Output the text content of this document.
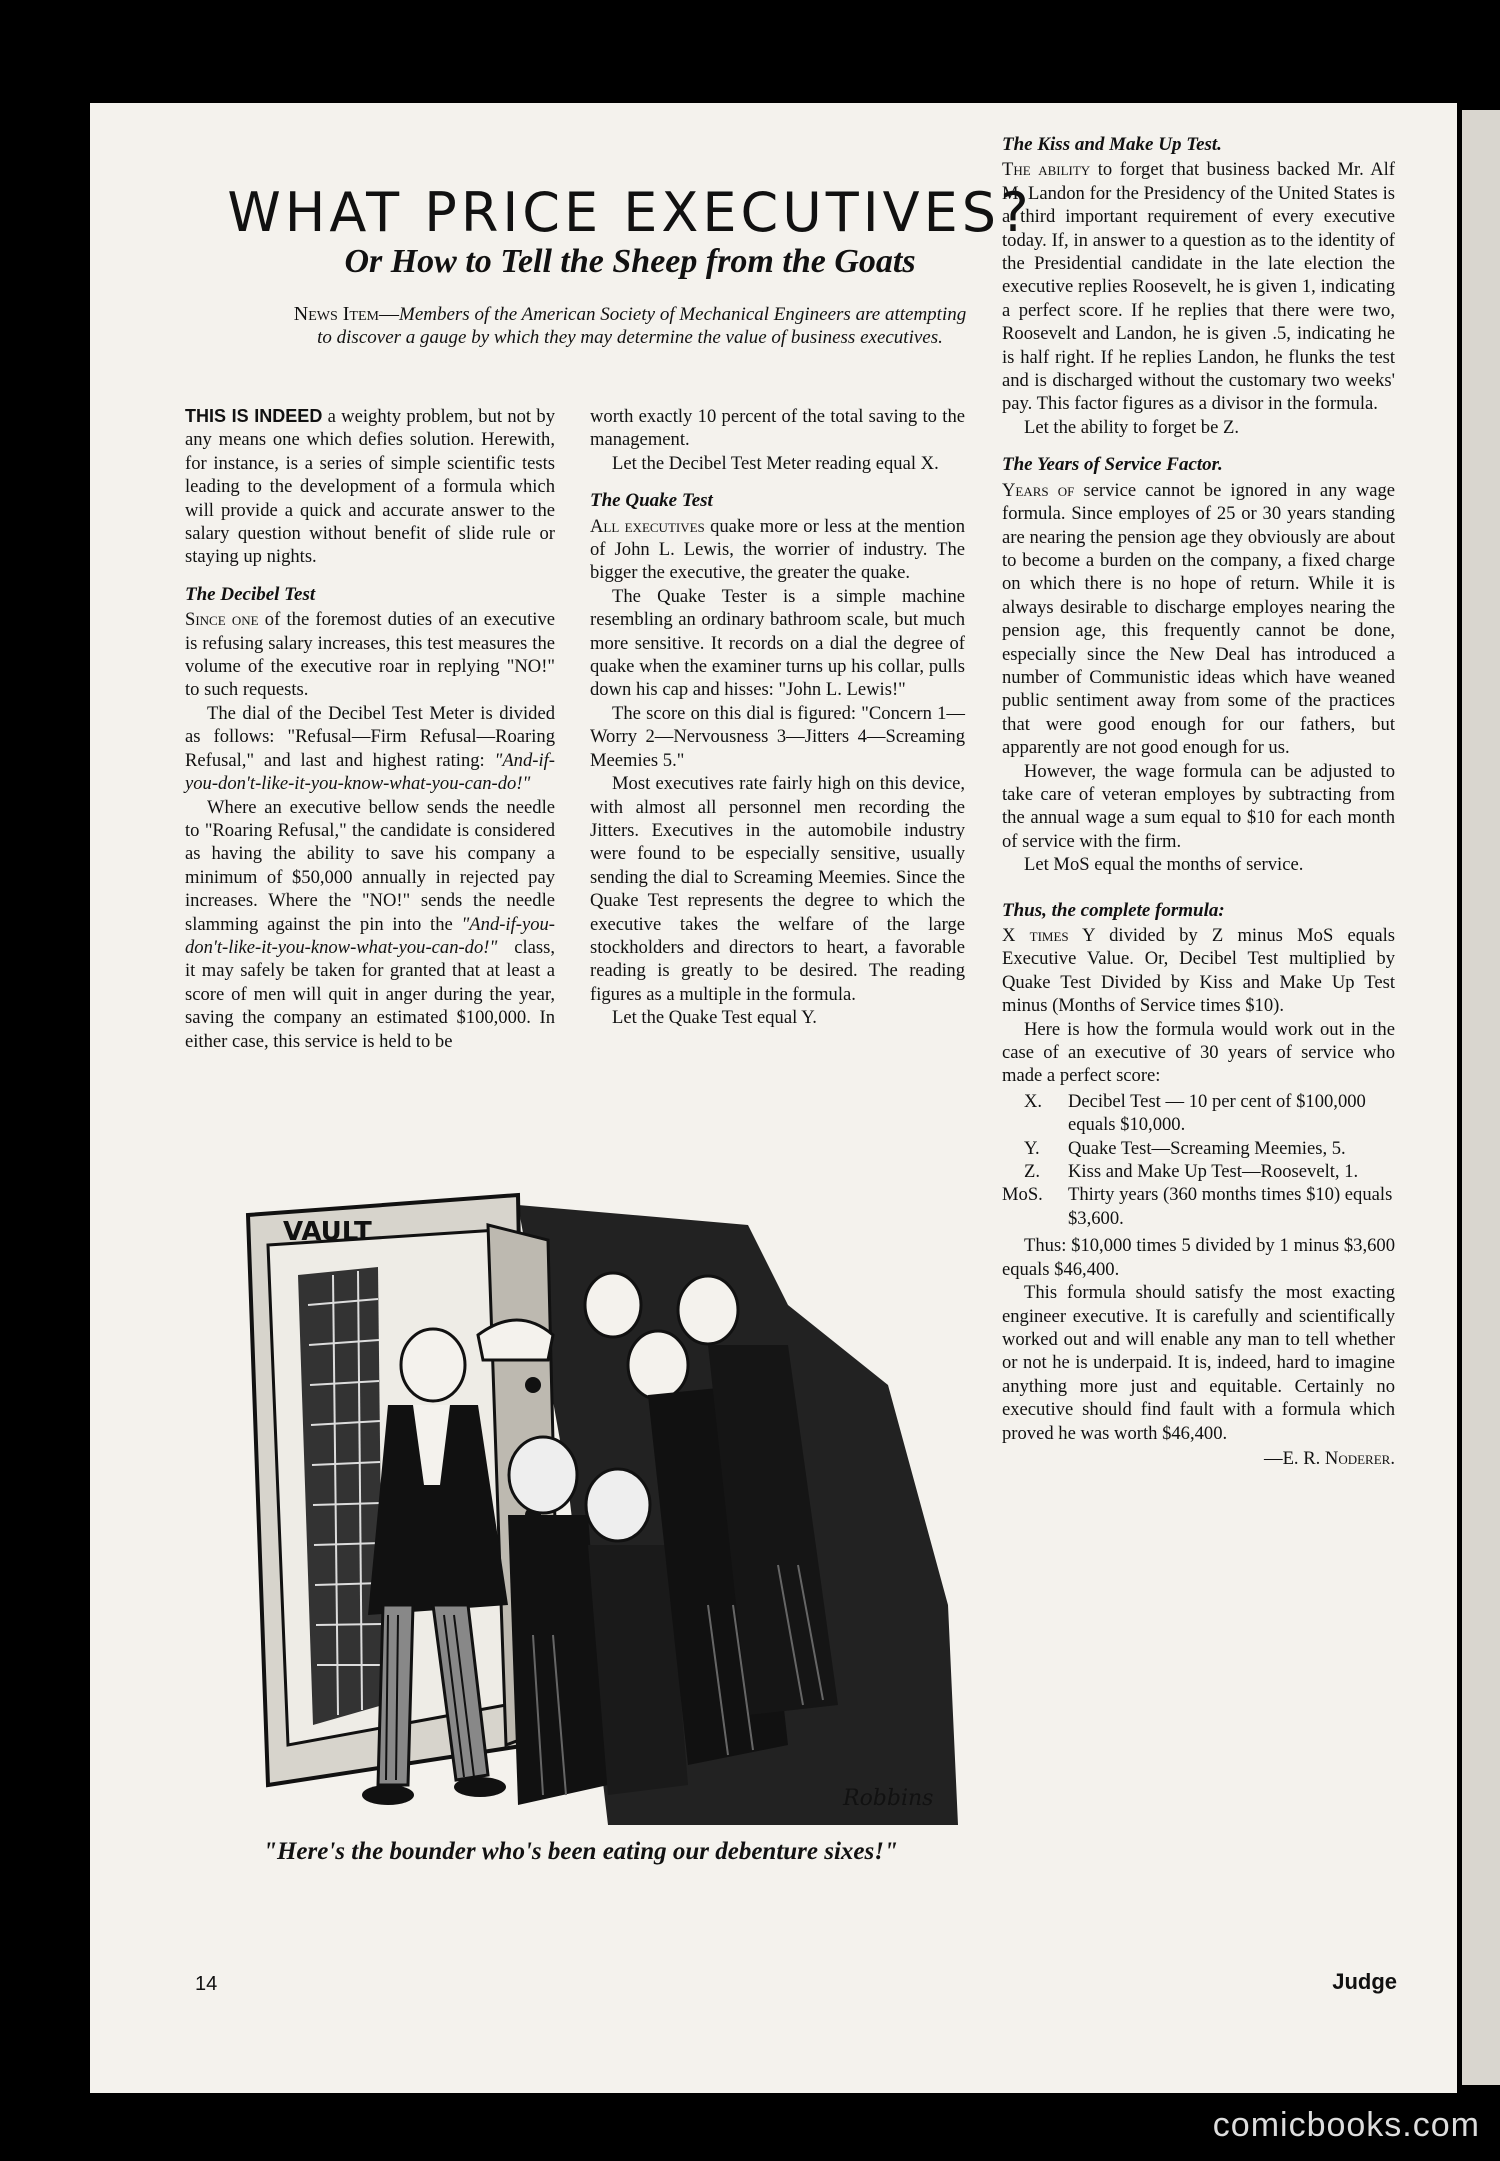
WHAT PRICE EXECUTIVES?
Or How to Tell the Sheep from the Goats
News Item—Members of the American Society of Mechanical Engineers are attempting to discover a gauge by which they may determine the value of business executives.

THIS IS INDEED a weighty problem, but not by any means one which defies solution. Herewith, for instance, is a series of simple scientific tests leading to the development of a formula which will provide a quick and accurate answer to the salary question without benefit of slide rule or staying up nights.

The Decibel Test

Since one of the foremost duties of an executive is refusing salary increases, this test measures the volume of the executive roar in replying "NO!" to such requests.

The dial of the Decibel Test Meter is divided as follows: "Refusal—Firm Refusal—Roaring Refusal," and last and highest rating: "And-if-you-don't-like-it-you-know-what-you-can-do!"

Where an executive bellow sends the needle to "Roaring Refusal," the candidate is considered as having the ability to save his company a minimum of $50,000 annually in rejected pay increases. Where the "NO!" sends the needle slamming against the pin into the "And-if-you-don't-like-it-you-know-what-you-can-do!" class, it may safely be taken for granted that at least a score of men will quit in anger during the year, saving the company an estimated $100,000. In either case, this service is held to be

worth exactly 10 percent of the total saving to the management.

Let the Decibel Test Meter reading equal X.

The Quake Test

All executives quake more or less at the mention of John L. Lewis, the worrier of industry. The bigger the executive, the greater the quake.

The Quake Tester is a simple machine resembling an ordinary bathroom scale, but much more sensitive. It records on a dial the degree of quake when the examiner turns up his collar, pulls down his cap and hisses: "John L. Lewis!"

The score on this dial is figured: "Concern 1—Worry 2—Nervousness 3—Jitters 4—Screaming Meemies 5."

Most executives rate fairly high on this device, with almost all personnel men recording the Jitters. Executives in the automobile industry were found to be especially sensitive, usually sending the dial to Screaming Meemies. Since the Quake Test represents the degree to which the executive takes the welfare of the large stockholders and directors to heart, a favorable reading is greatly to be desired. The reading figures as a multiple in the formula.

Let the Quake Test equal Y.

The Kiss and Make Up Test.

The ability to forget that business backed Mr. Alf M. Landon for the Presidency of the United States is a third important requirement of every executive today. If, in answer to a question as to the identity of the Presidential candidate in the late election the executive replies Roosevelt, he is given 1, indicating a perfect score. If he replies that there were two, Roosevelt and Landon, he is given .5, indicating he is half right. If he replies Landon, he flunks the test and is discharged without the customary two weeks' pay. This factor figures as a divisor in the formula.

Let the ability to forget be Z.

The Years of Service Factor.

Years of service cannot be ignored in any wage formula. Since employes of 25 or 30 years standing are nearing the pension age they obviously are about to become a burden on the company, a fixed charge on which there is no hope of return. While it is always desirable to discharge employes nearing the pension age, this frequently cannot be done, especially since the New Deal has introduced a number of Communistic ideas which have weaned public sentiment away from some of the practices that were good enough for our fathers, but apparently are not good enough for us.

However, the wage formula can be adjusted to take care of veteran employes by subtracting from the annual wage a sum equal to $10 for each month of service with the firm.

Let MoS equal the months of service.

Thus, the complete formula:

X times Y divided by Z minus MoS equals Executive Value. Or, Decibel Test multiplied by Quake Test Divided by Kiss and Make Up Test minus (Months of Service times $10).

Here is how the formula would work out in the case of an executive of 30 years of service who made a perfect score:

X. Decibel Test — 10 per cent of $100,000 equals $10,000.
Y. Quake Test—Screaming Meemies, 5.
Z. Kiss and Make Up Test—Roosevelt, 1.
MoS. Thirty years (360 months times $10) equals $3,600.

Thus: $10,000 times 5 divided by 1 minus $3,600 equals $46,400.

This formula should satisfy the most exacting engineer executive. It is carefully and scientifically worked out and will enable any man to tell whether or not he is underpaid. It is, indeed, hard to imagine anything more just and equitable. Certainly no executive should find fault with a formula which proved he was worth $46,400.

—E. R. Noderer.
VAULT
Robbins
"Here's the bounder who's been eating our debenture sixes!"
14	Judge
comicbooks.com
